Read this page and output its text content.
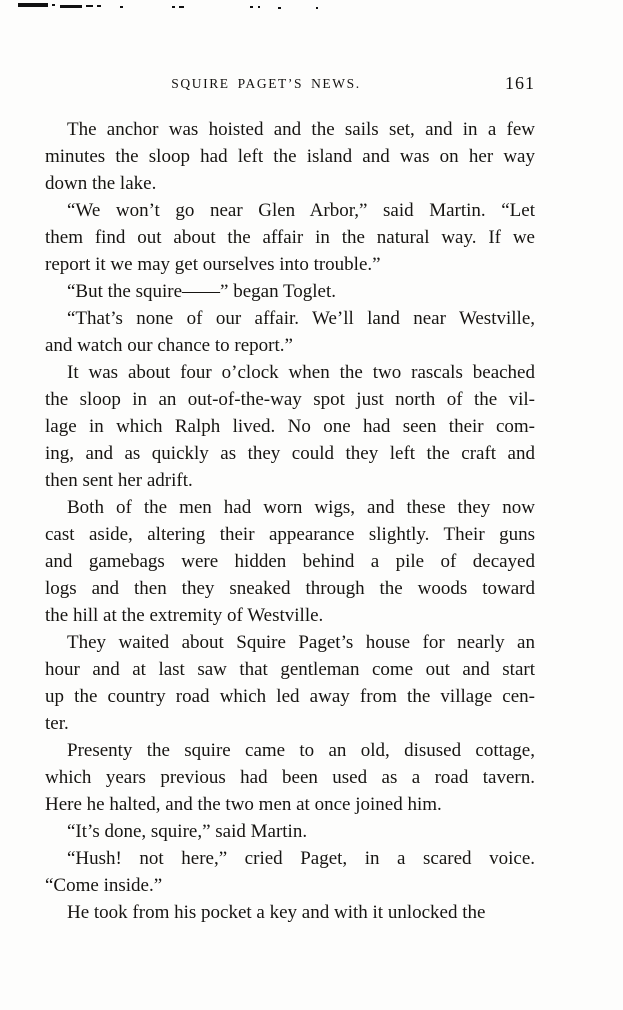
SQUIRE PAGET’S NEWS.	161
The anchor was hoisted and the sails set, and in a few
minutes the sloop had left the island and was on her way
down the lake.
“We won’t go near Glen Arbor,” said Martin. “Let
them find out about the affair in the natural way. If we
report it we may get ourselves into trouble.”
“But the squire——” began Toglet.
“That’s none of our affair. We’ll land near Westville,
and watch our chance to report.”
It was about four o’clock when the two rascals beached
the sloop in an out-of-the-way spot just north of the vil-
lage in which Ralph lived. No one had seen their com-
ing, and as quickly as they could they left the craft and
then sent her adrift.
Both of the men had worn wigs, and these they now
cast aside, altering their appearance slightly. Their guns
and gamebags were hidden behind a pile of decayed
logs and then they sneaked through the woods toward
the hill at the extremity of Westville.
They waited about Squire Paget’s house for nearly an
hour and at last saw that gentleman come out and start
up the country road which led away from the village cen-
ter.
Presenty the squire came to an old, disused cottage,
which years previous had been used as a road tavern.
Here he halted, and the two men at once joined him.
“It’s done, squire,” said Martin.
“Hush! not here,” cried Paget, in a scared voice.
“Come inside.”
He took from his pocket a key and with it unlocked the
